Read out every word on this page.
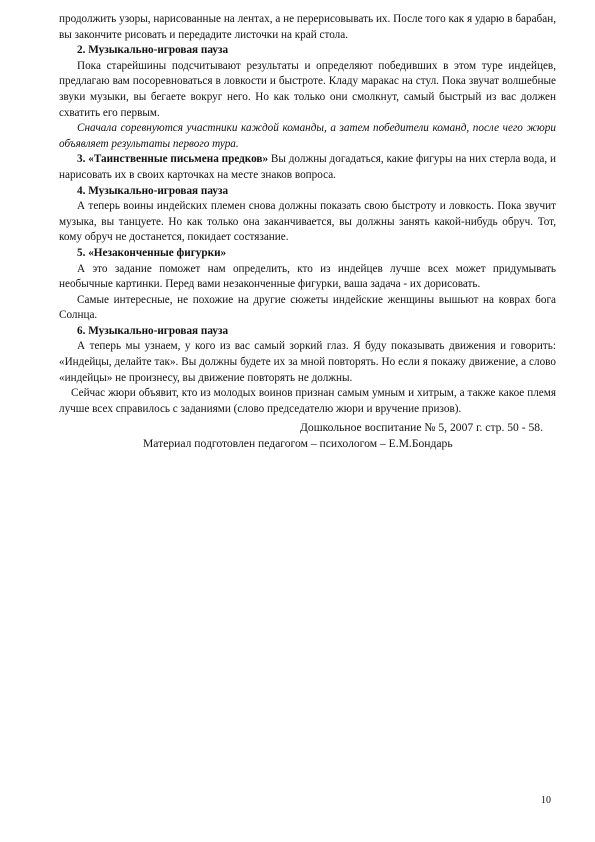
продолжить узоры, нарисованные на лентах, а не перерисовывать их. После того как я ударю в барабан, вы закончите рисовать и передадите листочки на край стола.

2. Музыкально-игровая пауза

Пока старейшины подсчитывают результаты и определяют победивших в этом туре индейцев, предлагаю вам посоревноваться в ловкости и быстроте. Кладу маракас на стул. Пока звучат волшебные звуки музыки, вы бегаете вокруг него. Но как только они смолкнут, самый быстрый из вас должен схватить его первым.

Сначала соревнуются участники каждой команды, а затем победители команд, после чего жюри объявляет результаты первого тура.

3. «Таинственные письмена предков» Вы должны догадаться, какие фигуры на них стерла вода, и нарисовать их в своих карточках на месте знаков вопроса.

4. Музыкально-игровая пауза

А теперь воины индейских племен снова должны показать свою быстроту и ловкость. Пока звучит музыка, вы танцуете. Но как только она заканчивается, вы должны занять какой-нибудь обруч. Тот, кому обруч не достанется, покидает состязание.

5. «Незаконченные фигурки»

А это задание поможет нам определить, кто из индейцев лучше всех может придумывать необычные картинки. Перед вами незаконченные фигурки, ваша задача - их дорисовать.

Самые интересные, не похожие на другие сюжеты индейские женщины вышьют на коврах бога Солнца.

6. Музыкально-игровая пауза

А теперь мы узнаем, у кого из вас самый зоркий глаз. Я буду показывать движения и говорить: «Индейцы, делайте так». Вы должны будете их за мной повторять. Но если я покажу движение, а слово «индейцы» не произнесу, вы движение повторять не должны.

Сейчас жюри объявит, кто из молодых воинов признан самым умным и хитрым, а также какое племя лучше всех справилось с заданиями (слово председателю жюри и вручение призов).

Дошкольное воспитание № 5, 2007 г. стр. 50 - 58.

Материал подготовлен педагогом – психологом – Е.М.Бондарь

10
